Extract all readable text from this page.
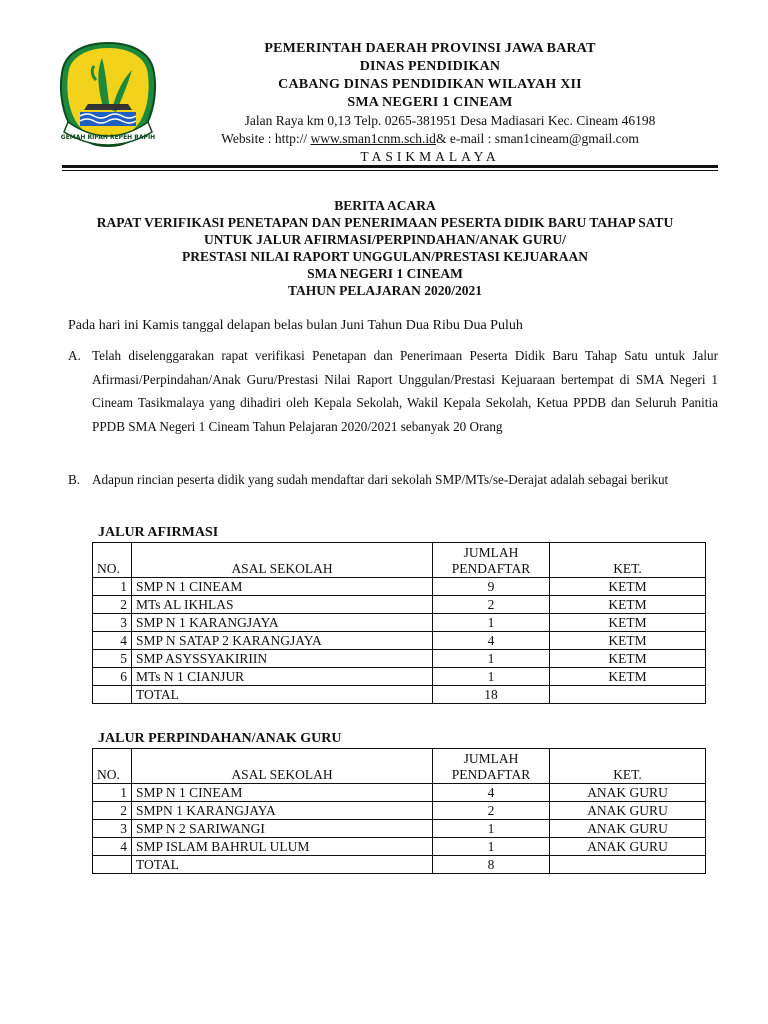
GEMAH RIPAH REPEH RAPIH
PEMERINTAH DAERAH PROVINSI JAWA BARAT
DINAS PENDIDIKAN
CABANG DINAS PENDIDIKAN WILAYAH XII
SMA NEGERI 1 CINEAM
Jalan Raya km 0,13 Telp. 0265-381951 Desa Madiasari Kec. Cineam 46198
Website : http:// www.sman1cnm.sch.id& e-mail : sman1cineam@gmail.com
TASIKMALAYA
BERITA ACARA
RAPAT VERIFIKASI PENETAPAN DAN PENERIMAAN PESERTA DIDIK BARU TAHAP SATU
UNTUK JALUR AFIRMASI/PERPINDAHAN/ANAK GURU/
PRESTASI NILAI RAPORT UNGGULAN/PRESTASI KEJUARAAN
SMA NEGERI 1 CINEAM
TAHUN PELAJARAN 2020/2021
Pada hari ini Kamis tanggal delapan belas bulan Juni Tahun Dua Ribu Dua Puluh
A. Telah diselenggarakan rapat verifikasi Penetapan dan Penerimaan Peserta Didik Baru Tahap Satu untuk Jalur Afirmasi/Perpindahan/Anak Guru/Prestasi Nilai Raport Unggulan/Prestasi Kejuaraan bertempat di SMA Negeri 1 Cineam Tasikmalaya yang dihadiri oleh Kepala Sekolah, Wakil Kepala Sekolah, Ketua PPDB dan Seluruh Panitia PPDB SMA Negeri 1 Cineam Tahun Pelajaran 2020/2021 sebanyak 20 Orang
B. Adapun rincian peserta didik yang sudah mendaftar dari sekolah SMP/MTs/se-Derajat adalah sebagai berikut
JALUR AFIRMASI
NO.	ASAL SEKOLAH	JUMLAH
PENDAFTAR	KET.
1	SMP N 1 CINEAM	9	KETM
2	MTs AL IKHLAS	2	KETM
3	SMP N 1 KARANGJAYA	1	KETM
4	SMP N SATAP 2 KARANGJAYA	4	KETM
5	SMP ASYSSYAKIRIIN	1	KETM
6	MTs N 1 CIANJUR	1	KETM
	TOTAL	18	
JALUR PERPINDAHAN/ANAK GURU
NO.	ASAL SEKOLAH	JUMLAH
PENDAFTAR	KET.
1	SMP N 1 CINEAM	4	ANAK GURU
2	SMPN 1 KARANGJAYA	2	ANAK GURU
3	SMP N 2 SARIWANGI	1	ANAK GURU
4	SMP ISLAM BAHRUL ULUM	1	ANAK GURU
	TOTAL	8	
